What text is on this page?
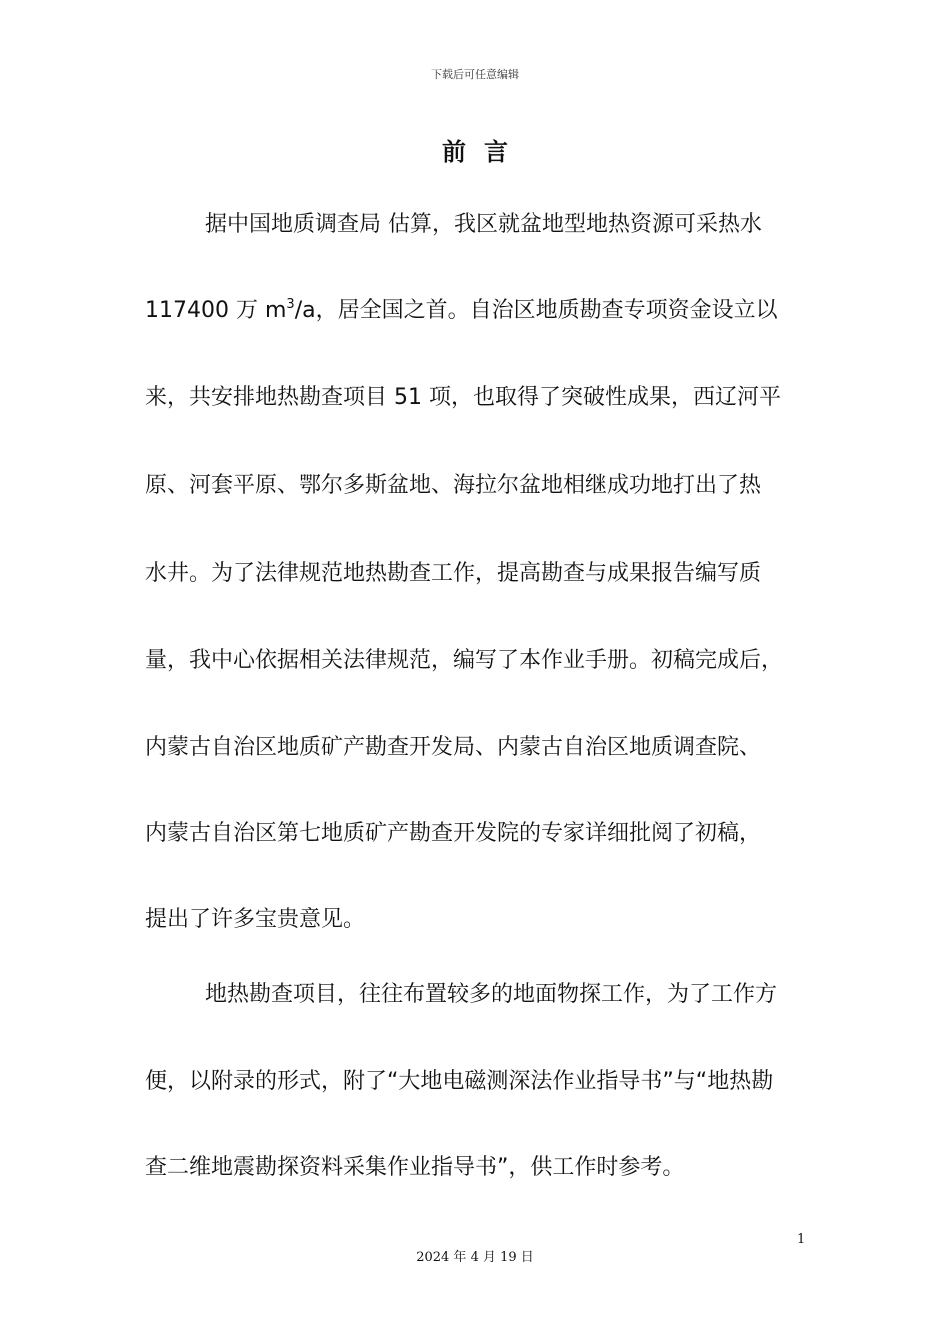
下载后可任意编辑
前言
据中国地质调查局 估算，我区就盆地型地热资源可采热水
117400 万 $m^3/a$，居全国之首。自治区地质勘查专项资金设立以
来，共安排地热勘查项目 51 项，也取得了突破性成果，西辽河平
原、河套平原、鄂尔多斯盆地、海拉尔盆地相继成功地打出了热
水井。为了法律规范地热勘查工作，提高勘查与成果报告编写质
量，我中心依据相关法律规范，编写了本作业手册。初稿完成后，
内蒙古自治区地质矿产勘查开发局、内蒙古自治区地质调查院、
内蒙古自治区第七地质矿产勘查开发院的专家详细批阅了初稿，
提出了许多宝贵意见。
地热勘查项目，往往布置较多的地面物探工作，为了工作方
便，以附录的形式，附了“大地电磁测深法作业指导书”与“地热勘
查二维地震勘探资料采集作业指导书”，供工作时参考。
1
2024 年 4 月 19 日
